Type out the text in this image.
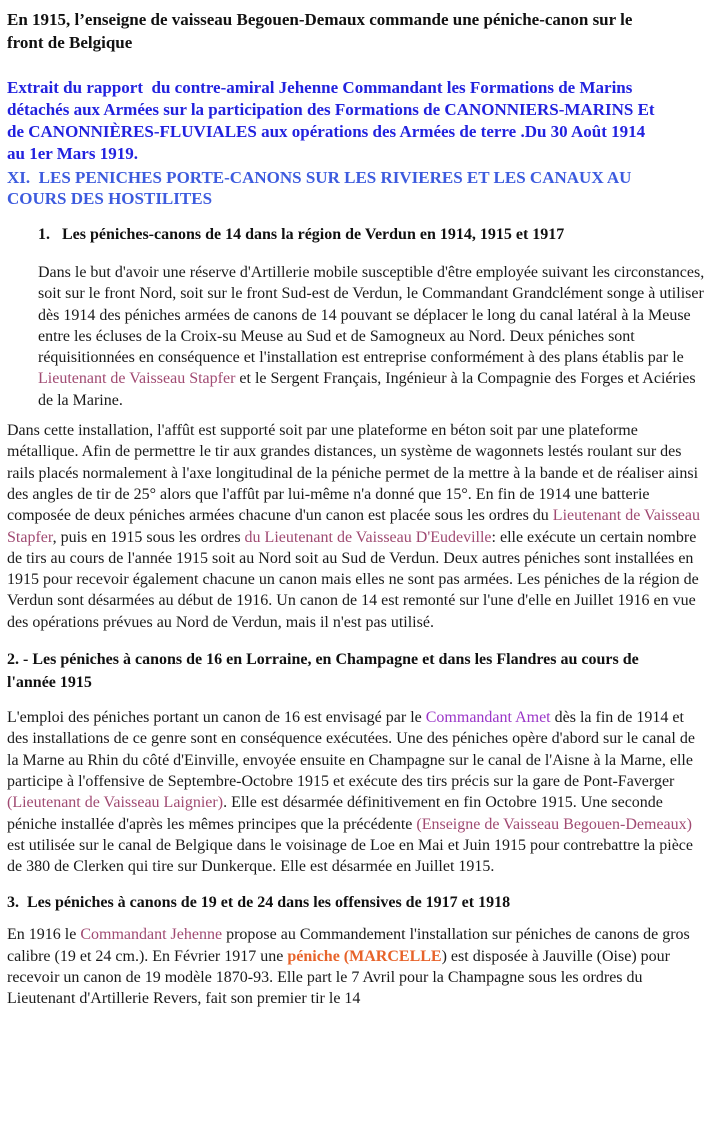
En 1915, l’enseigne de vaisseau Begouen-Demaux commande une péniche-canon sur le front de Belgique

Extrait du rapport  du contre-amiral Jehenne Commandant les Formations de Marins détachés aux Armées sur la participation des Formations de CANONNIERS-MARINS Et de CANONNIÈRES-FLUVIALES aux opérations des Armées de terre .Du 30 Août 1914 au 1er Mars 1919.

XI.  LES PENICHES PORTE-CANONS SUR LES RIVIERES ET LES CANAUX AU COURS DES HOSTILITES

1.   Les péniches-canons de 14 dans la région de Verdun en 1914, 1915 et 1917

Dans le but d'avoir une réserve d'Artillerie mobile susceptible d'être employée suivant les circonstances, soit sur le front Nord, soit sur le front Sud-est de Verdun, le Commandant Grandclément songe à utiliser dès 1914 des péniches armées de canons de 14 pouvant se déplacer le long du canal latéral à la Meuse entre les écluses de la Croix-su Meuse au Sud et de Samogneux au Nord. Deux péniches sont réquisitionnées en conséquence et l'installation est entreprise conformément à des plans établis par le Lieutenant de Vaisseau Stapfer et le Sergent Français, Ingénieur à la Compagnie des Forges et Aciéries de la Marine.

Dans cette installation, l'affût est supporté soit par une plateforme en béton soit par une plateforme métallique. Afin de permettre le tir aux grandes distances, un système de wagonnets lestés roulant sur des rails placés normalement à l'axe longitudinal de la péniche permet de la mettre à la bande et de réaliser ainsi des angles de tir de 25° alors que l'affût par lui-même n'a donné que 15°. En fin de 1914 une batterie composée de deux péniches armées chacune d'un canon est placée sous les ordres du Lieutenant de Vaisseau Stapfer, puis en 1915 sous les ordres du Lieutenant de Vaisseau D'Eudeville: elle exécute un certain nombre de tirs au cours de l'année 1915 soit au Nord soit au Sud de Verdun. Deux autres péniches sont installées en 1915 pour recevoir également chacune un canon mais elles ne sont pas armées. Les péniches de la région de Verdun sont désarmées au début de 1916. Un canon de 14 est remonté sur l'une d'elle en Juillet 1916 en vue des opérations prévues au Nord de Verdun, mais il n'est pas utilisé.

2. - Les péniches à canons de 16 en Lorraine, en Champagne et dans les Flandres au cours de l'année 1915

L'emploi des péniches portant un canon de 16 est envisagé par le Commandant Amet dès la fin de 1914 et des installations de ce genre sont en conséquence exécutées. Une des péniches opère d'abord sur le canal de la Marne au Rhin du côté d'Einville, envoyée ensuite en Champagne sur le canal de l'Aisne à la Marne, elle participe à l'offensive de Septembre-Octobre 1915 et exécute des tirs précis sur la gare de Pont-Faverger (Lieutenant de Vaisseau Laignier). Elle est désarmée définitivement en fin Octobre 1915. Une seconde péniche installée d'après les mêmes principes que la précédente (Enseigne de Vaisseau Begouen-Demeaux) est utilisée sur le canal de Belgique dans le voisinage de Loe en Mai et Juin 1915 pour contrebattre la pièce de 380 de Clerken qui tire sur Dunkerque. Elle est désarmée en Juillet 1915.

3.  Les péniches à canons de 19 et de 24 dans les offensives de 1917 et 1918

En 1916 le Commandant Jehenne propose au Commandement l'installation sur péniches de canons de gros calibre (19 et 24 cm.). En Février 1917 une péniche (MARCELLE) est disposée à Jauville (Oise) pour recevoir un canon de 19 modèle 1870-93. Elle part le 7 Avril pour la Champagne sous les ordres du Lieutenant d'Artillerie Revers, fait son premier tir le 14
